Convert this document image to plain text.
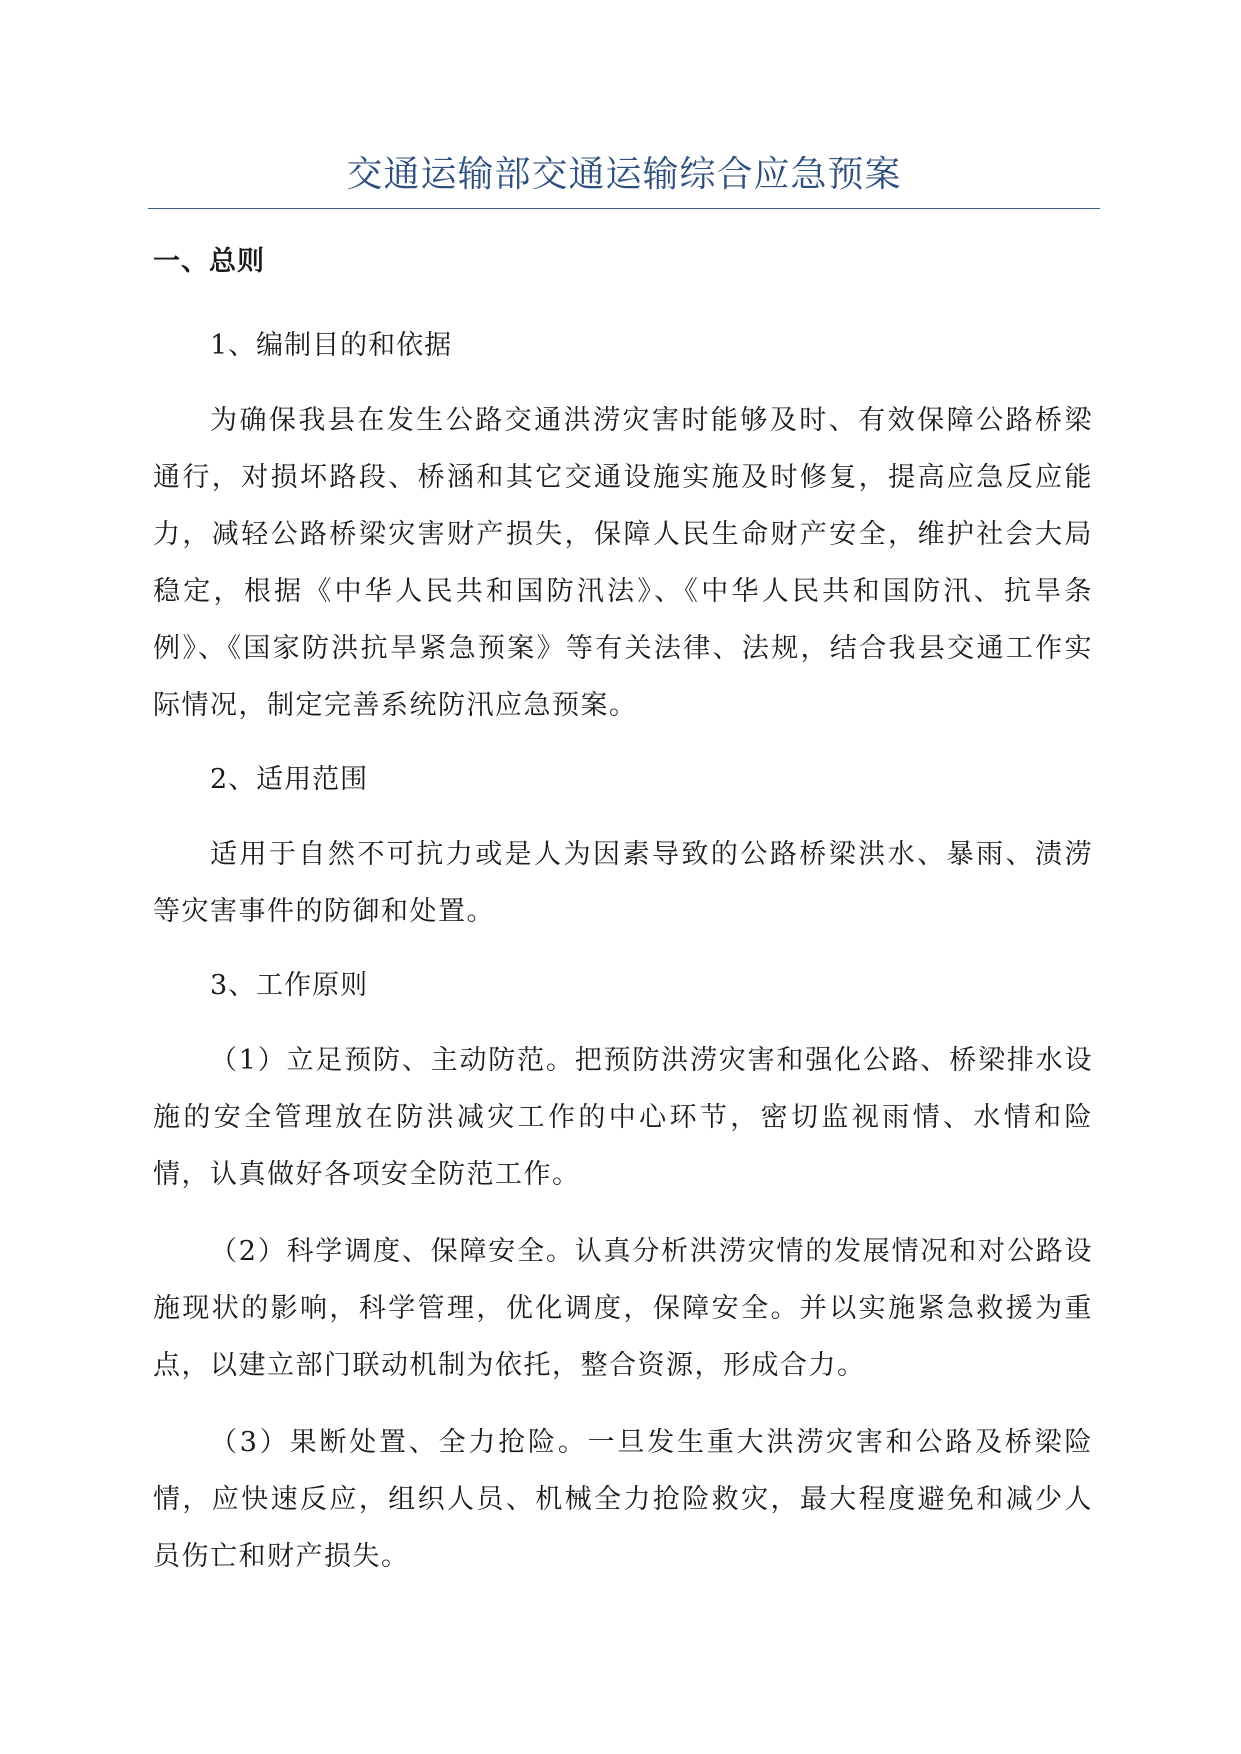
交通运输部交通运输综合应急预案
一、总则
1、编制目的和依据

为确保我县在发生公路交通洪涝灾害时能够及时、有效保障公路桥梁通行，对损坏路段、桥涵和其它交通设施实施及时修复，提高应急反应能力，减轻公路桥梁灾害财产损失，保障人民生命财产安全，维护社会大局稳定，根据《中华人民共和国防汛法》、《中华人民共和国防汛、抗旱条例》、《国家防洪抗旱紧急预案》等有关法律、法规，结合我县交通工作实际情况，制定完善系统防汛应急预案。

2、适用范围

适用于自然不可抗力或是人为因素导致的公路桥梁洪水、暴雨、渍涝等灾害事件的防御和处置。

3、工作原则

（1）立足预防、主动防范。把预防洪涝灾害和强化公路、桥梁排水设施的安全管理放在防洪减灾工作的中心环节，密切监视雨情、水情和险情，认真做好各项安全防范工作。

（2）科学调度、保障安全。认真分析洪涝灾情的发展情况和对公路设施现状的影响，科学管理，优化调度，保障安全。并以实施紧急救援为重点，以建立部门联动机制为依托，整合资源，形成合力。

（3）果断处置、全力抢险。一旦发生重大洪涝灾害和公路及桥梁险情，应快速反应，组织人员、机械全力抢险救灾，最大程度避免和减少人员伤亡和财产损失。
